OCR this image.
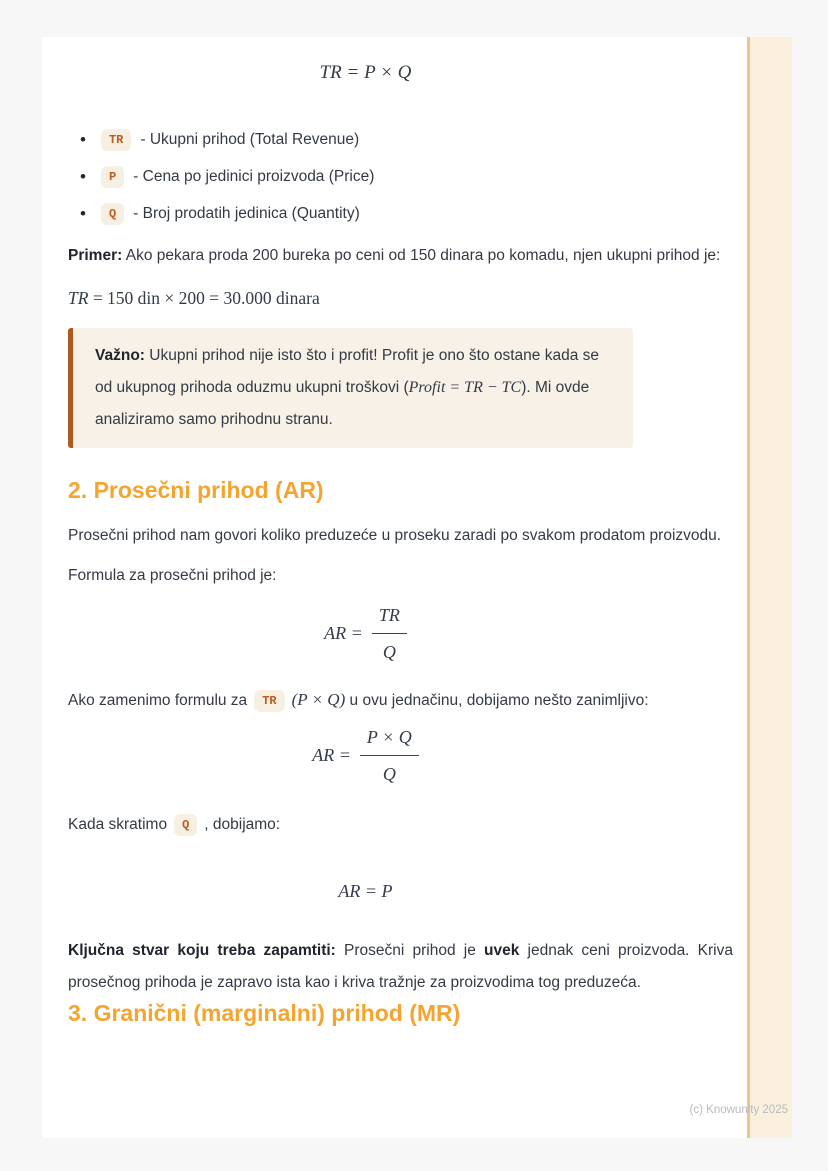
TR = P × Q
•	TR	- Ukupni prihod (Total Revenue)
•	P	- Cena po jedinici proizvoda (Price)
•	Q	- Broj prodatih jedinica (Quantity)

Primer: Ako pekara proda 200 bureka po ceni od 150 dinara po komadu, njen ukupni prihod je:

TR = 150 din × 200 = 30.000 dinara

Važno: Ukupni prihod nije isto što i profit! Profit je ono što ostane kada se od ukupnog prihoda oduzmu ukupni troškovi (Profit = TR − TC). Mi ovde analiziramo samo prihodnu stranu.

2. Prosečni prihod (AR)

Prosečni prihod nam govori koliko preduzeće u proseku zaradi po svakom prodatom proizvodu.

Formula za prosečni prihod je:

AR = $\frac{TR}{Q}$

Ako zamenimo formulu za TR (P × Q) u ovu jednačinu, dobijamo nešto zanimljivo:

AR = $\frac{P \times Q}{Q}$

Kada skratimo Q , dobijamo:

AR = P

Ključna stvar koju treba zapamtiti: Prosečni prihod je uvek jednak ceni proizvoda. Kriva prosečnog prihoda je zapravo ista kao i kriva tražnje za proizvodima tog preduzeća.

3. Granični (marginalni) prihod (MR)
(c) Knowunity 2025
